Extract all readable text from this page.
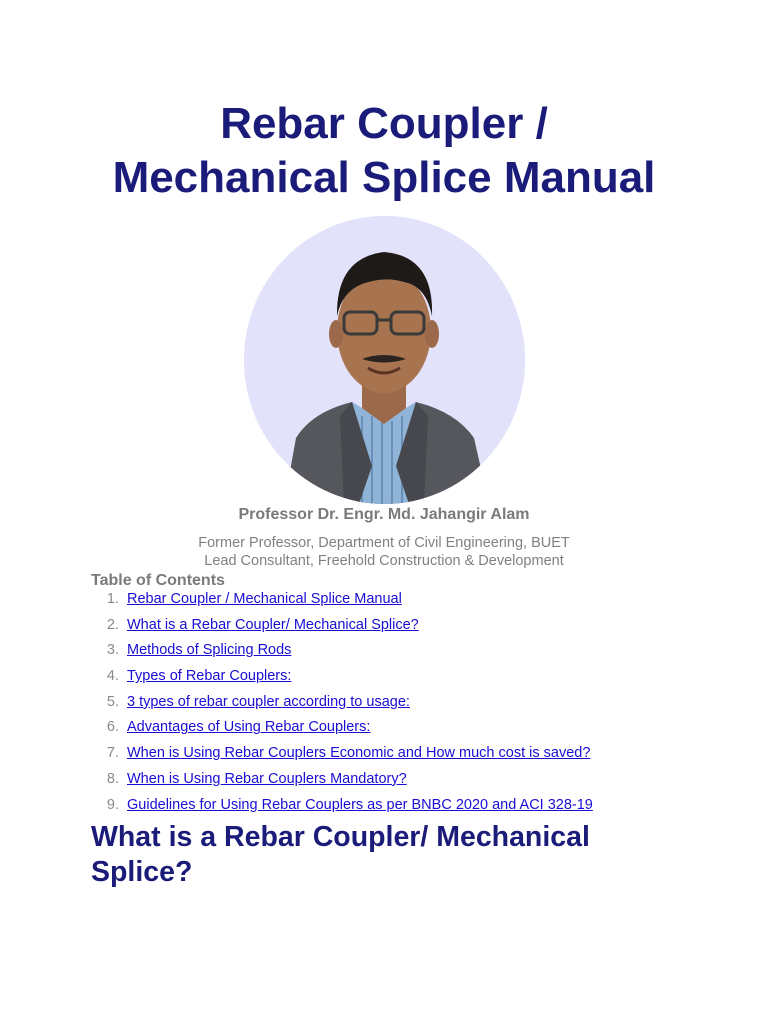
Rebar Coupler /
Mechanical Splice Manual
Professor Dr. Engr. Md. Jahangir Alam
Former Professor, Department of Civil Engineering, BUET
Lead Consultant, Freehold Construction & Development
Table of Contents
1. Rebar Coupler / Mechanical Splice Manual
2. What is a Rebar Coupler/ Mechanical Splice?
3. Methods of Splicing Rods
4. Types of Rebar Couplers:
5. 3 types of rebar coupler according to usage:
6. Advantages of Using Rebar Couplers:
7. When is Using Rebar Couplers Economic and How much cost is saved?
8. When is Using Rebar Couplers Mandatory?
9. Guidelines for Using Rebar Couplers as per BNBC 2020 and ACI 328-19
What is a Rebar Coupler/ Mechanical
Splice?
